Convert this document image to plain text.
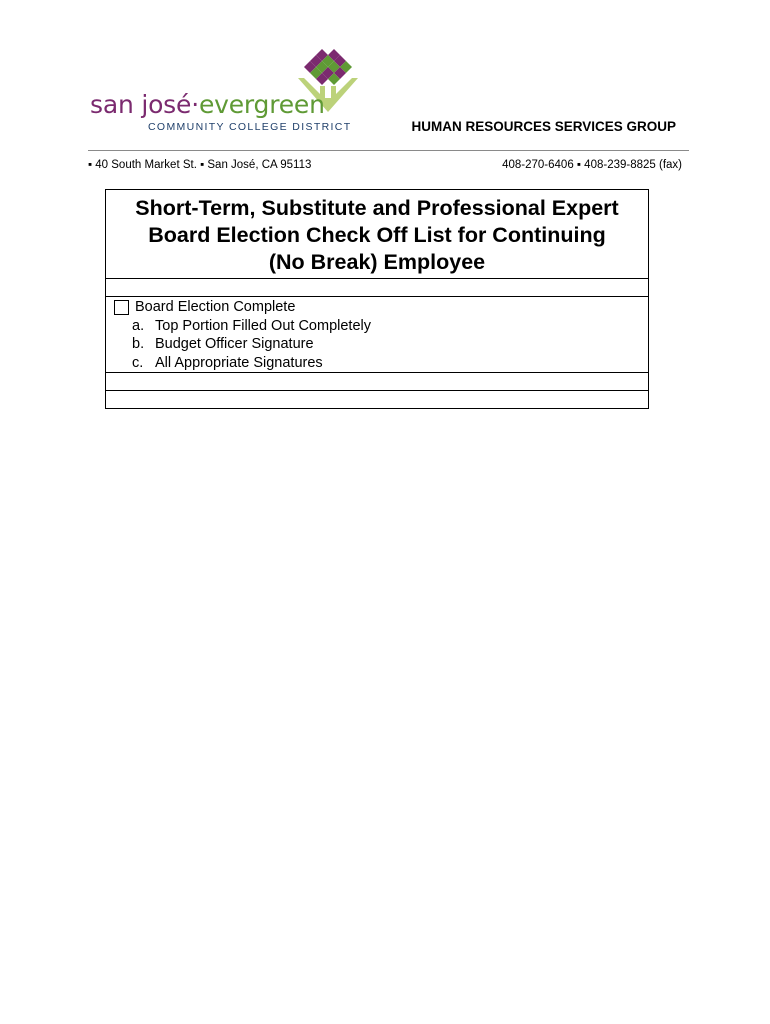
san josé·evergreen
COMMUNITY COLLEGE DISTRICT	HUMAN RESOURCES SERVICES GROUP
▪ 40 South Market St. ▪ San José, CA 95113	408-270-6406 ▪ 408-239-8825 (fax)
Short-Term, Substitute and Professional Expert
Board Election Check Off List for Continuing
(No Break) Employee

Board Election Complete
a. Top Portion Filled Out Completely
b. Budget Officer Signature
c. All Appropriate Signatures
